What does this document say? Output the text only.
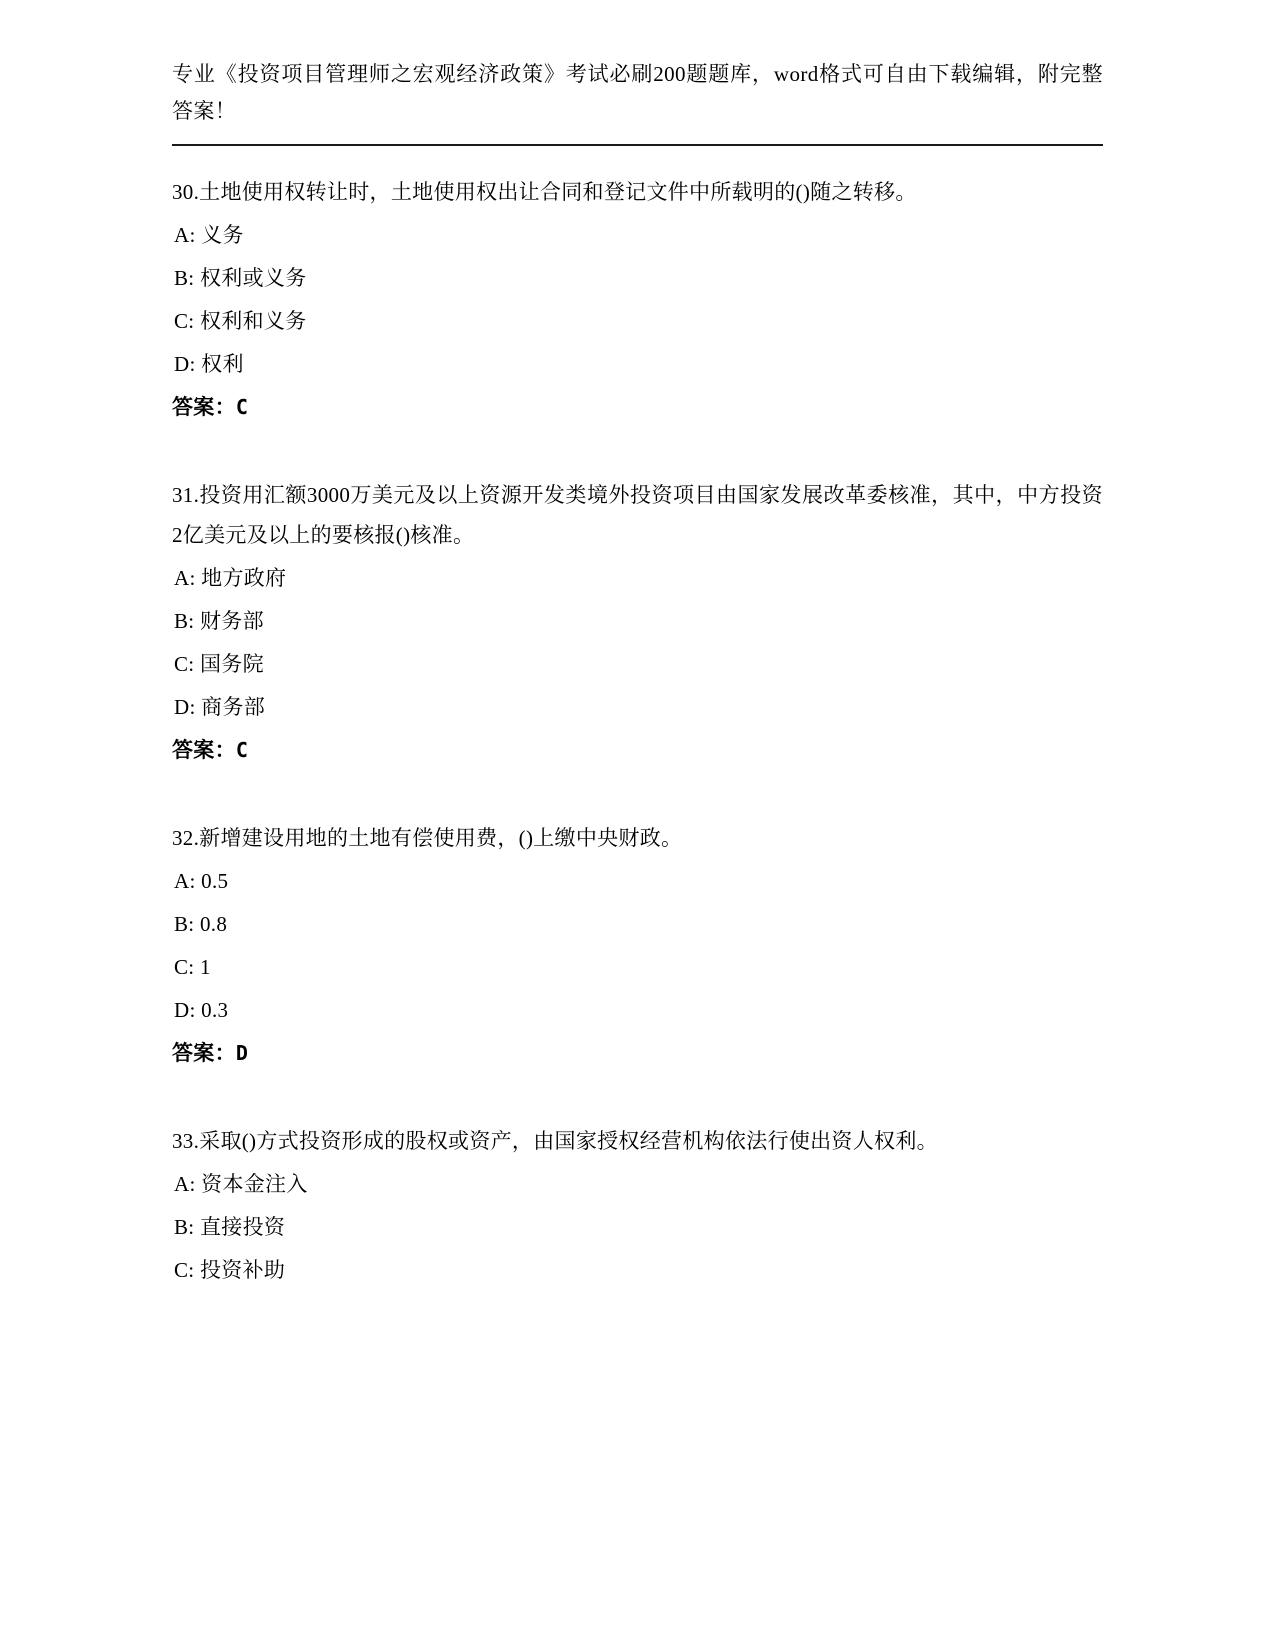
专业《投资项目管理师之宏观经济政策》考试必刷200题题库，word格式可自由下载编辑，附完整答案！

30.土地使用权转让时，土地使用权出让合同和登记文件中所载明的()随之转移。

A: 义务

B: 权利或义务

C: 权利和义务

D: 权利

答案：C

31.投资用汇额3000万美元及以上资源开发类境外投资项目由国家发展改革委核准，其中，中方投资2亿美元及以上的要核报()核准。

A: 地方政府

B: 财务部

C: 国务院

D: 商务部

答案：C

32.新增建设用地的土地有偿使用费，()上缴中央财政。

A: 0.5

B: 0.8

C: 1

D: 0.3

答案：D

33.采取()方式投资形成的股权或资产，由国家授权经营机构依法行使出资人权利。

A: 资本金注入

B: 直接投资

C: 投资补助
